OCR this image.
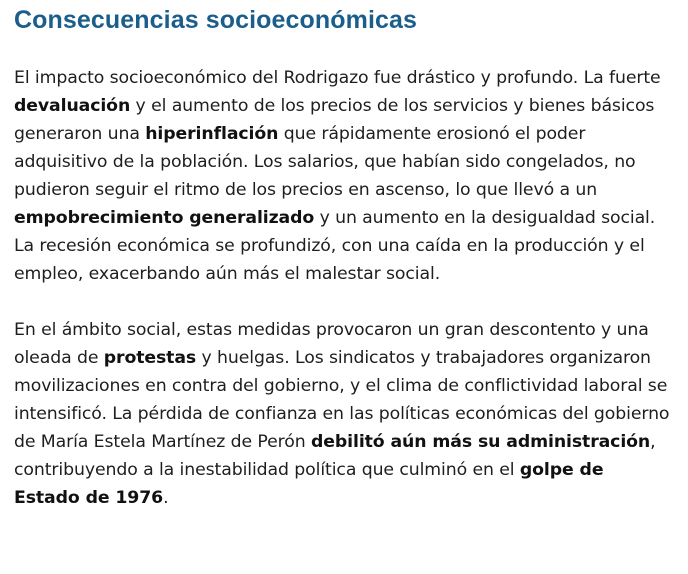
Consecuencias socioeconómicas

El impacto socioeconómico del Rodrigazo fue drástico y profundo. La fuerte devaluación y el aumento de los precios de los servicios y bienes básicos generaron una hiperinflación que rápidamente erosionó el poder adquisitivo de la población. Los salarios, que habían sido congelados, no pudieron seguir el ritmo de los precios en ascenso, lo que llevó a un empobrecimiento generalizado y un aumento en la desigualdad social. La recesión económica se profundizó, con una caída en la producción y el empleo, exacerbando aún más el malestar social.

En el ámbito social, estas medidas provocaron un gran descontento y una oleada de protestas y huelgas. Los sindicatos y trabajadores organizaron movilizaciones en contra del gobierno, y el clima de conflictividad laboral se intensificó. La pérdida de confianza en las políticas económicas del gobierno de María Estela Martínez de Perón debilitó aún más su administración, contribuyendo a la inestabilidad política que culminó en el golpe de Estado de 1976.
